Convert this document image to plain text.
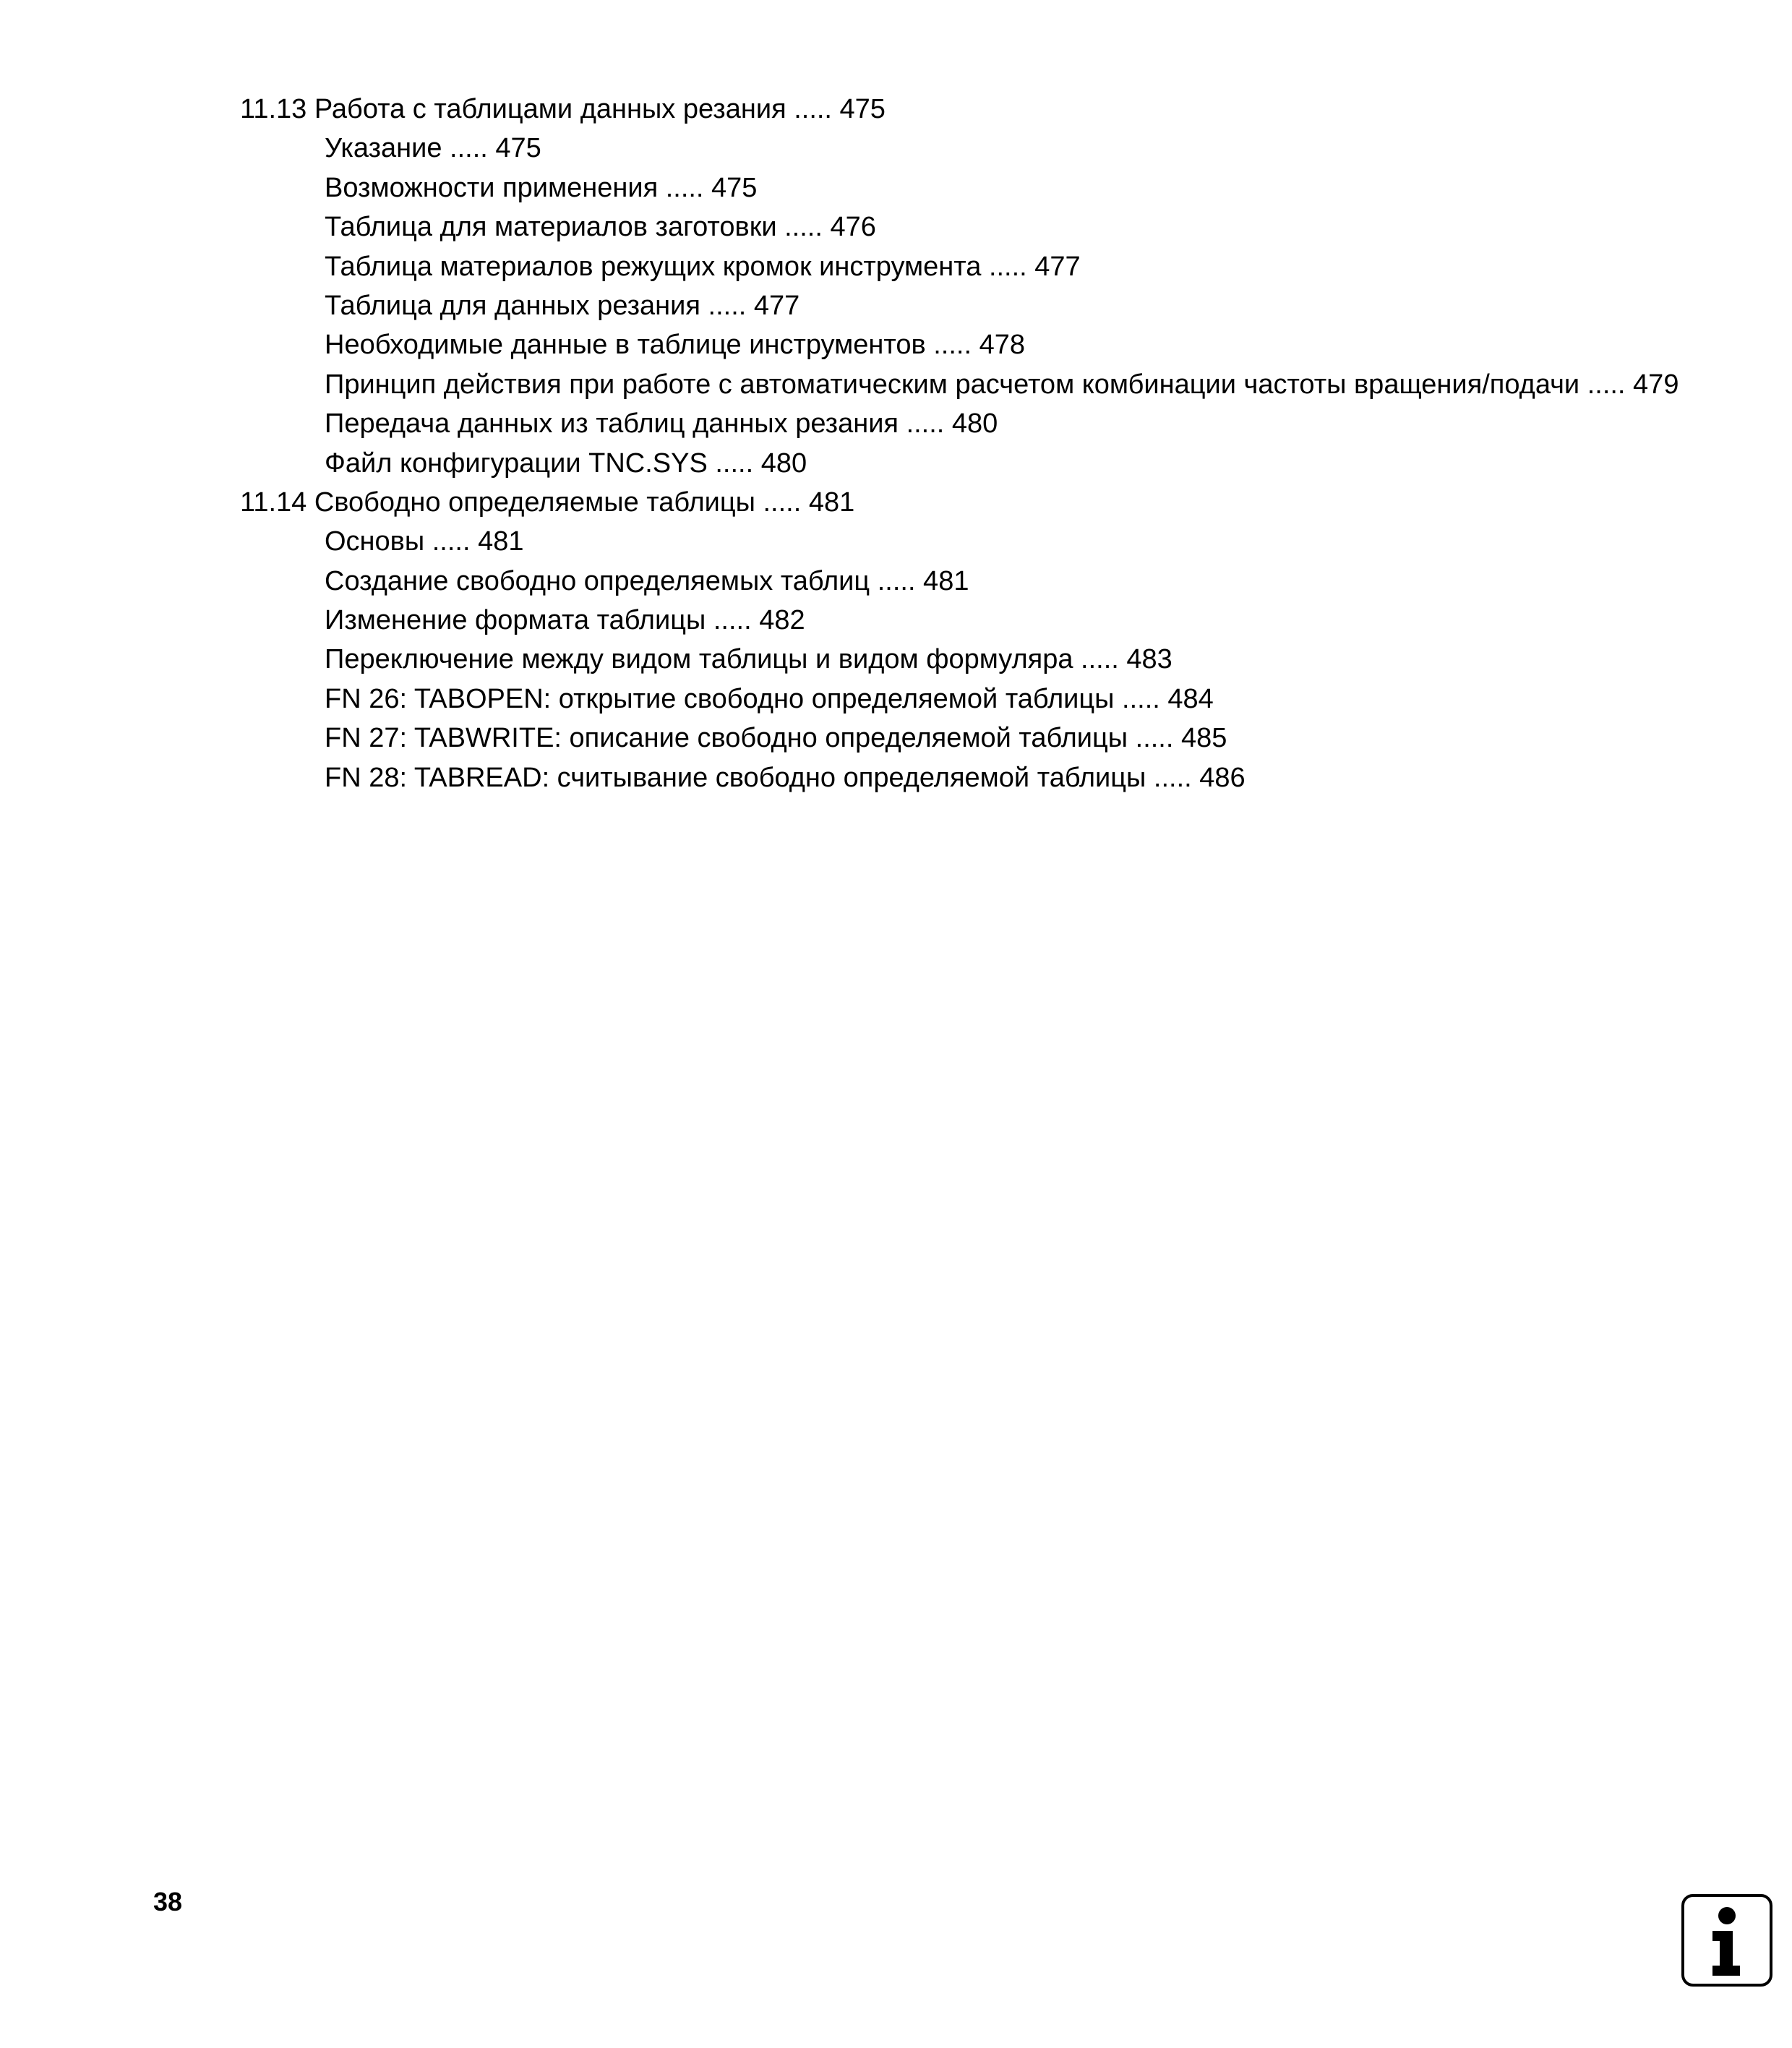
11.13 Работа с таблицами данных резания ..... 475
Указание ..... 475
Возможности применения ..... 475
Таблица для материалов заготовки ..... 476
Таблица материалов режущих кромок инструмента ..... 477
Таблица для данных резания ..... 477
Необходимые данные в таблице инструментов ..... 478
Принцип действия при работе с автоматическим расчетом комбинации частоты вращения/подачи ..... 479
Передача данных из таблиц данных резания ..... 480
Файл конфигурации TNC.SYS ..... 480
11.14 Свободно определяемые таблицы ..... 481
Основы ..... 481
Создание свободно определяемых таблиц ..... 481
Изменение формата таблицы ..... 482
Переключение между видом таблицы и видом формуляра ..... 483
FN 26: TABOPEN: открытие свободно определяемой таблицы ..... 484
FN 27: TABWRITE: описание свободно определяемой таблицы ..... 485
FN 28: TABREAD: считывание свободно определяемой таблицы ..... 486
38
